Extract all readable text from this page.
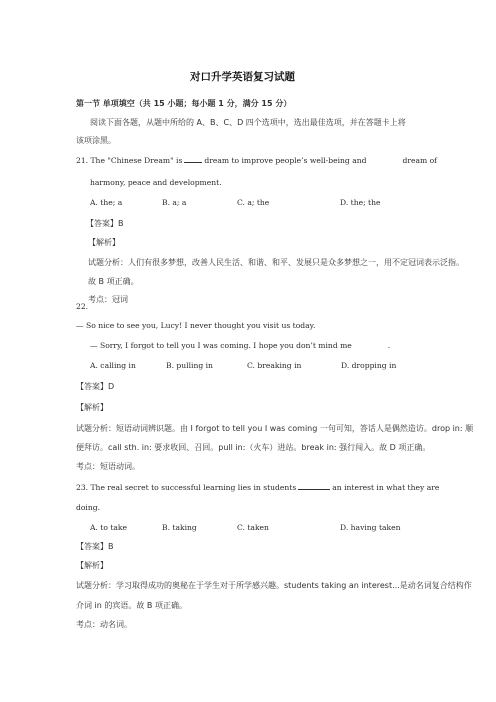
对口升学英语复习试题
第一节 单项填空（共 15 小题；每小题 1 分，满分 15 分）
阅读下面各题，从题中所给的 A、B、C、D 四个选项中，选出最佳选项，并在答题卡上将
该项涂黑。
21. The "Chinese Dream" is	dream to improve people’s well-being and	dream of
harmony, peace and development.
A. the; a	B. a; a	C. a; the	D. the; the
【答案】B
【解析】
试题分析：人们有很多梦想，改善人民生活、和谐、和平、发展只是众多梦想之一，用不定冠词表示泛指。
故 B 项正确。
考点：冠词
22.
— So nice to see you, Lucy! I never thought you visit us today.
— Sorry, I forgot to tell you I was coming. I hope you don’t mind me	.
A. calling in	B. pulling in	C. breaking in	D. dropping in
【答案】D
【解析】
试题分析：短语动词辨识题。由 I forgot to tell you I was coming 一句可知，答话人是偶然造访。drop in: 顺
便拜访。call sth. in: 要求收回、召回。pull in:（火车）进站。break in: 强行闯入。故 D 项正确。
考点：短语动词。
23. The real secret to successful learning lies in students	an interest in what they are
doing.
A. to take	B. taking	C. taken	D. having taken
【答案】B
【解析】
试题分析：学习取得成功的奥秘在于学生对于所学感兴趣。students taking an interest...是动名词复合结构作
介词 in 的宾语。故 B 项正确。
考点：动名词。
